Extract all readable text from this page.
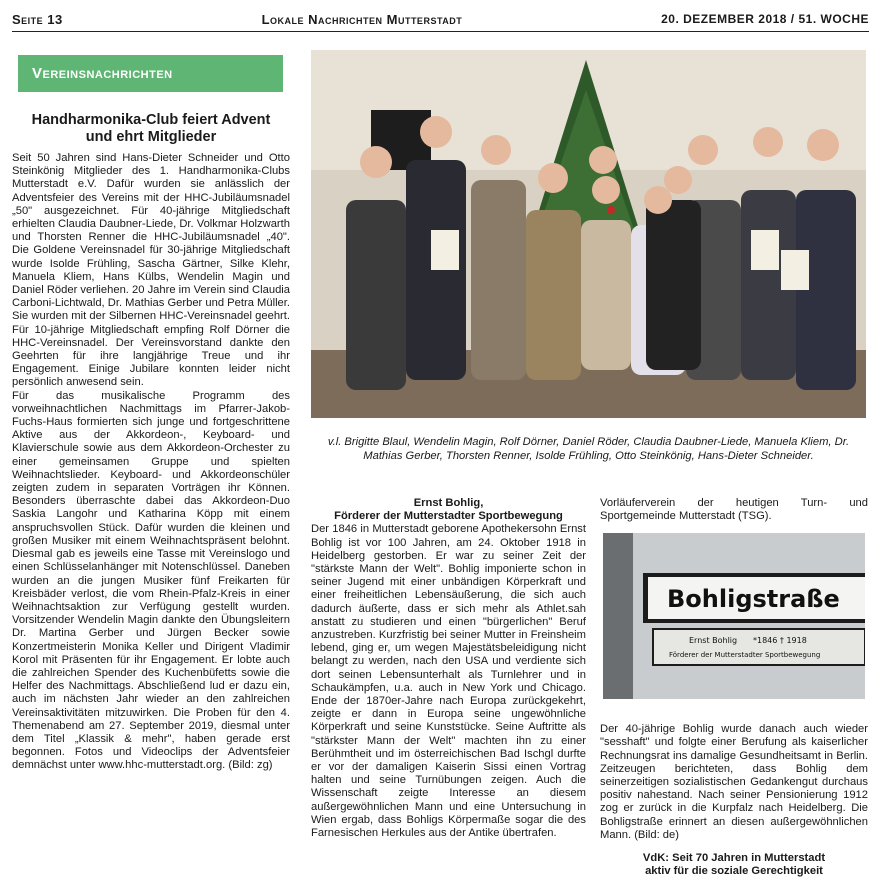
Seite 13	Lokale Nachrichten Mutterstadt	20. DEZEMBER 2018 / 51. WOCHE
Vereinsnachrichten
Handharmonika-Club feiert Advent
und ehrt Mitglieder

Seit 50 Jahren sind Hans-Dieter Schneider und Otto Steinkönig Mitglieder des 1. Handharmonika-Clubs Mutterstadt e.V. Dafür wurden sie anlässlich der Adventsfeier des Vereins mit der HHC-Jubiläumsnadel „50" ausgezeichnet. Für 40-jährige Mitgliedschaft erhielten Claudia Daubner-Liede, Dr. Volkmar Holzwarth und Thorsten Renner die HHC-Jubiläumsnadel „40". Die Goldene Vereinsnadel für 30-jährige Mitgliedschaft wurde Isolde Frühling, Sascha Gärtner, Silke Klehr, Manuela Kliem, Hans Külbs, Wendelin Magin und Daniel Röder verliehen. 20 Jahre im Verein sind Claudia Carboni-Lichtwald, Dr. Mathias Gerber und Petra Müller. Sie wurden mit der Silbernen HHC-Vereinsnadel geehrt. Für 10-jährige Mitgliedschaft empfing Rolf Dörner die HHC-Vereinsnadel. Der Vereinsvorstand dankte den Geehrten für ihre langjährige Treue und ihr Engagement. Einige Jubilare konnten leider nicht persönlich anwesend sein.

Für das musikalische Programm des vorweihnachtlichen Nachmittags im Pfarrer-Jakob-Fuchs-Haus formierten sich junge und fortgeschrittene Aktive aus der Akkordeon-, Keyboard- und Klavierschule sowie aus dem Akkordeon-Orchester zu einer gemeinsamen Gruppe und spielten Weihnachtslieder. Keyboard- und Akkordeonschüler zeigten zudem in separaten Vorträgen ihr Können. Besonders überraschte dabei das Akkordeon-Duo Saskia Langohr und Katharina Köpp mit einem anspruchsvollen Stück. Dafür wurden die kleinen und großen Musiker mit einem Weihnachtspräsent belohnt. Diesmal gab es jeweils eine Tasse mit Vereinslogo und einen Schlüsselanhänger mit Notenschlüssel. Daneben wurden an die jungen Musiker fünf Freikarten für Kreisbäder verlost, die vom Rhein-Pfalz-Kreis in einer Weihnachtsaktion zur Verfügung gestellt wurden. Vorsitzender Wendelin Magin dankte den Übungsleitern Dr. Martina Gerber und Jürgen Becker sowie Konzertmeisterin Monika Keller und Dirigent Vladimir Korol mit Präsenten für ihr Engagement. Er lobte auch die zahlreichen Spender des Kuchenbüfetts sowie die Helfer des Nachmittags. Abschließend lud er dazu ein, auch im nächsten Jahr wieder an den zahlreichen Vereinsaktivitäten mitzuwirken. Die Proben für den 4. Themenabend am 27. September 2019, diesmal unter dem Titel „Klassik & mehr", haben gerade erst begonnen. Fotos und Videoclips der Adventsfeier demnächst unter www.hhc-mutterstadt.org. (Bild: zg)

v.l. Brigitte Blaul, Wendelin Magin, Rolf Dörner, Daniel Röder, Claudia Daubner-Liede, Manuela Kliem, Dr. Mathias Gerber, Thorsten Renner, Isolde Frühling, Otto Steinkönig, Hans-Dieter Schneider.
Ernst Bohlig,
Förderer der Mutterstadter Sportbewegung

Der 1846 in Mutterstadt geborene Apothekersohn Ernst Bohlig ist vor 100 Jahren, am 24. Oktober 1918 in Heidelberg gestorben. Er war zu seiner Zeit der "stärkste Mann der Welt". Bohlig imponierte schon in seiner Jugend mit einer unbändigen Körperkraft und einer freiheitlichen Lebensäußerung, die sich auch dadurch äußerte, dass er sich mehr als Athlet.sah anstatt zu studieren und einen "bürgerlichen" Beruf anzustreben. Kurzfristig bei seiner Mutter in Freinsheim lebend, ging er, um wegen Majestätsbeleidigung nicht belangt zu werden, nach den USA und verdiente sich dort seinen Lebensunterhalt als Turnlehrer und in Schaukämpfen, u.a. auch in New York und Chicago. Ende der 1870er-Jahre nach Europa zurückgekehrt, zeigte er dann in Europa seine ungewöhnliche Körperkraft und seine Kunststücke. Seine Auftritte als "stärkster Mann der Welt" machten ihn zu einer Berühmtheit und im österreichischen Bad Ischgl durfte er vor der damaligen Kaiserin Sissi einen Vortrag halten und seine Turnübungen zeigen. Auch die Wissenschaft zeigte Interesse an diesem außergewöhnlichen Mann und eine Untersuchung in Wien ergab, dass Bohligs Körpermaße sogar die des Farnesischen Herkules aus der Antike übertrafen.

Vorläuferverein der heutigen Turn- und Sportgemeinde Mutterstadt (TSG).

Bohligstraße
Ernst Bohlig *1846 † 1918
Förderer der Mutterstadter Sportbewegung

Der 40-jährige Bohlig wurde danach auch wieder "sesshaft" und folgte einer Berufung als kaiserlicher Rechnungsrat ins damalige Gesundheitsamt in Berlin. Zeitzeugen berichteten, dass Bohlig dem seinerzeitigen sozialistischen Gedankengut durchaus positiv nahestand. Nach seiner Pensionierung 1912 zog er zurück in die Kurpfalz nach Heidelberg. Die Bohligstraße erinnert an diesen außergewöhnlichen Mann. (Bild: de)

VdK: Seit 70 Jahren in Mutterstadt
aktiv für die soziale Gerechtigkeit
